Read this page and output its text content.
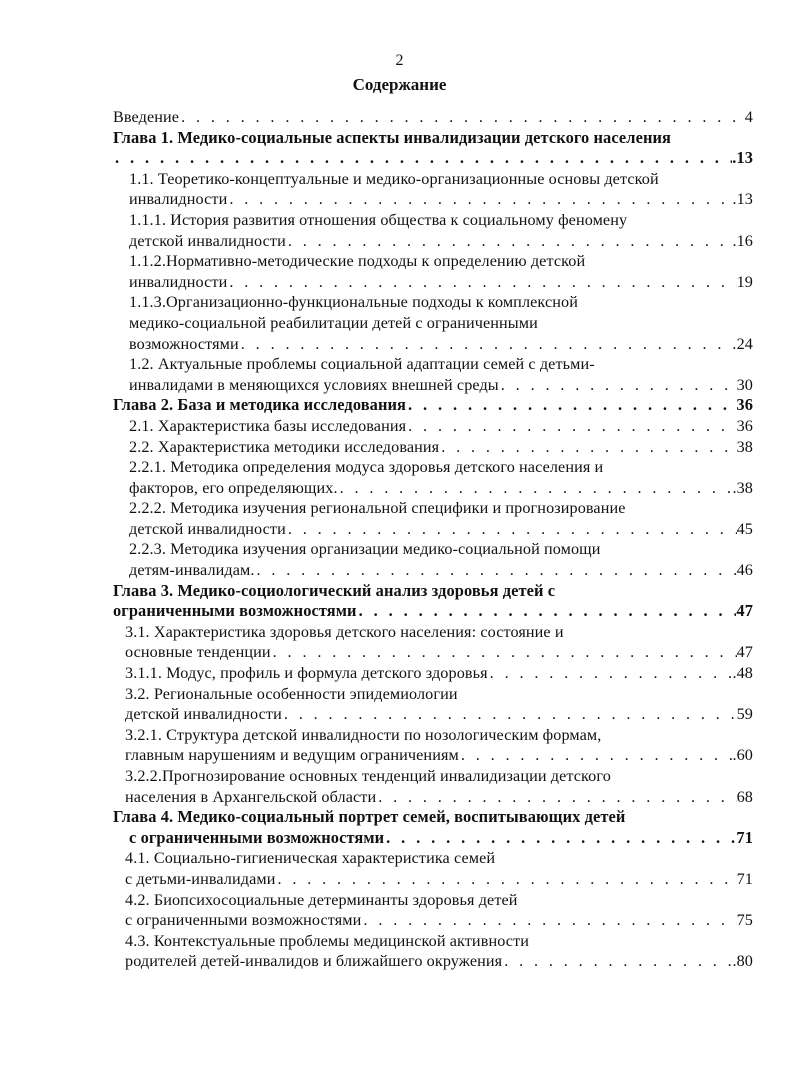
2
Содержание
Введение . . .	4
Глава 1. Медико-социальные аспекты инвалидизации детского населения
. . .
.13
1.1. Теоретико-концептуальные и медико-организационные основы детской
инвалидности . . .	.13
1.1.1. История развития отношения общества к социальному феномену
детской инвалидности . . .	.16
1.1.2.Нормативно-методические подходы к определению детской
инвалидности . . .	19
1.1.3.Организационно-функциональные подходы к комплексной
медико-социальной реабилитации детей с ограниченными
возможностями . . .	24
1.2. Актуальные проблемы социальной адаптации семей с детьми-
инвалидами в меняющихся условиях внешней среды . . .	30
Глава 2. База и методика исследования . . .	36
2.1. Характеристика базы исследования . . .	36
2.2. Характеристика методики исследования . . .	38
2.2.1. Методика определения модуса здоровья детского населения и
факторов, его определяющих. . . .	.38
2.2.2. Методика изучения региональной специфики и прогнозирование
детской инвалидности . . .	45
2.2.3. Методика изучения организации медико-социальной помощи
детям-инвалидам. . . .	46
Глава 3. Медико-социологический анализ здоровья детей с
ограниченными возможностями . . .	47
3.1. Характеристика здоровья детского населения: состояние и
основные тенденции . . .	47
3.1.1. Модус, профиль и формула детского здоровья . . .	.48
3.2. Региональные особенности эпидемиологии
детской инвалидности . . .	59
3.2.1. Структура детской инвалидности по нозологическим формам,
главным нарушениям и ведущим ограничениям . . .	.60
3.2.2.Прогнозирование основных тенденций инвалидизации детского
населения в Архангельской области . . .	68
Глава 4. Медико-социальный портрет семей, воспитывающих детей
с ограниченными возможностями . . .	71
4.1. Социально-гигиеническая характеристика семей
с детьми-инвалидами . . .	71
4.2. Биопсихосоциальные детерминанты здоровья детей
с ограниченными возможностями . . .	75
4.3. Контекстуальные проблемы медицинской активности
родителей детей-инвалидов и ближайшего окружения . . .	.80
